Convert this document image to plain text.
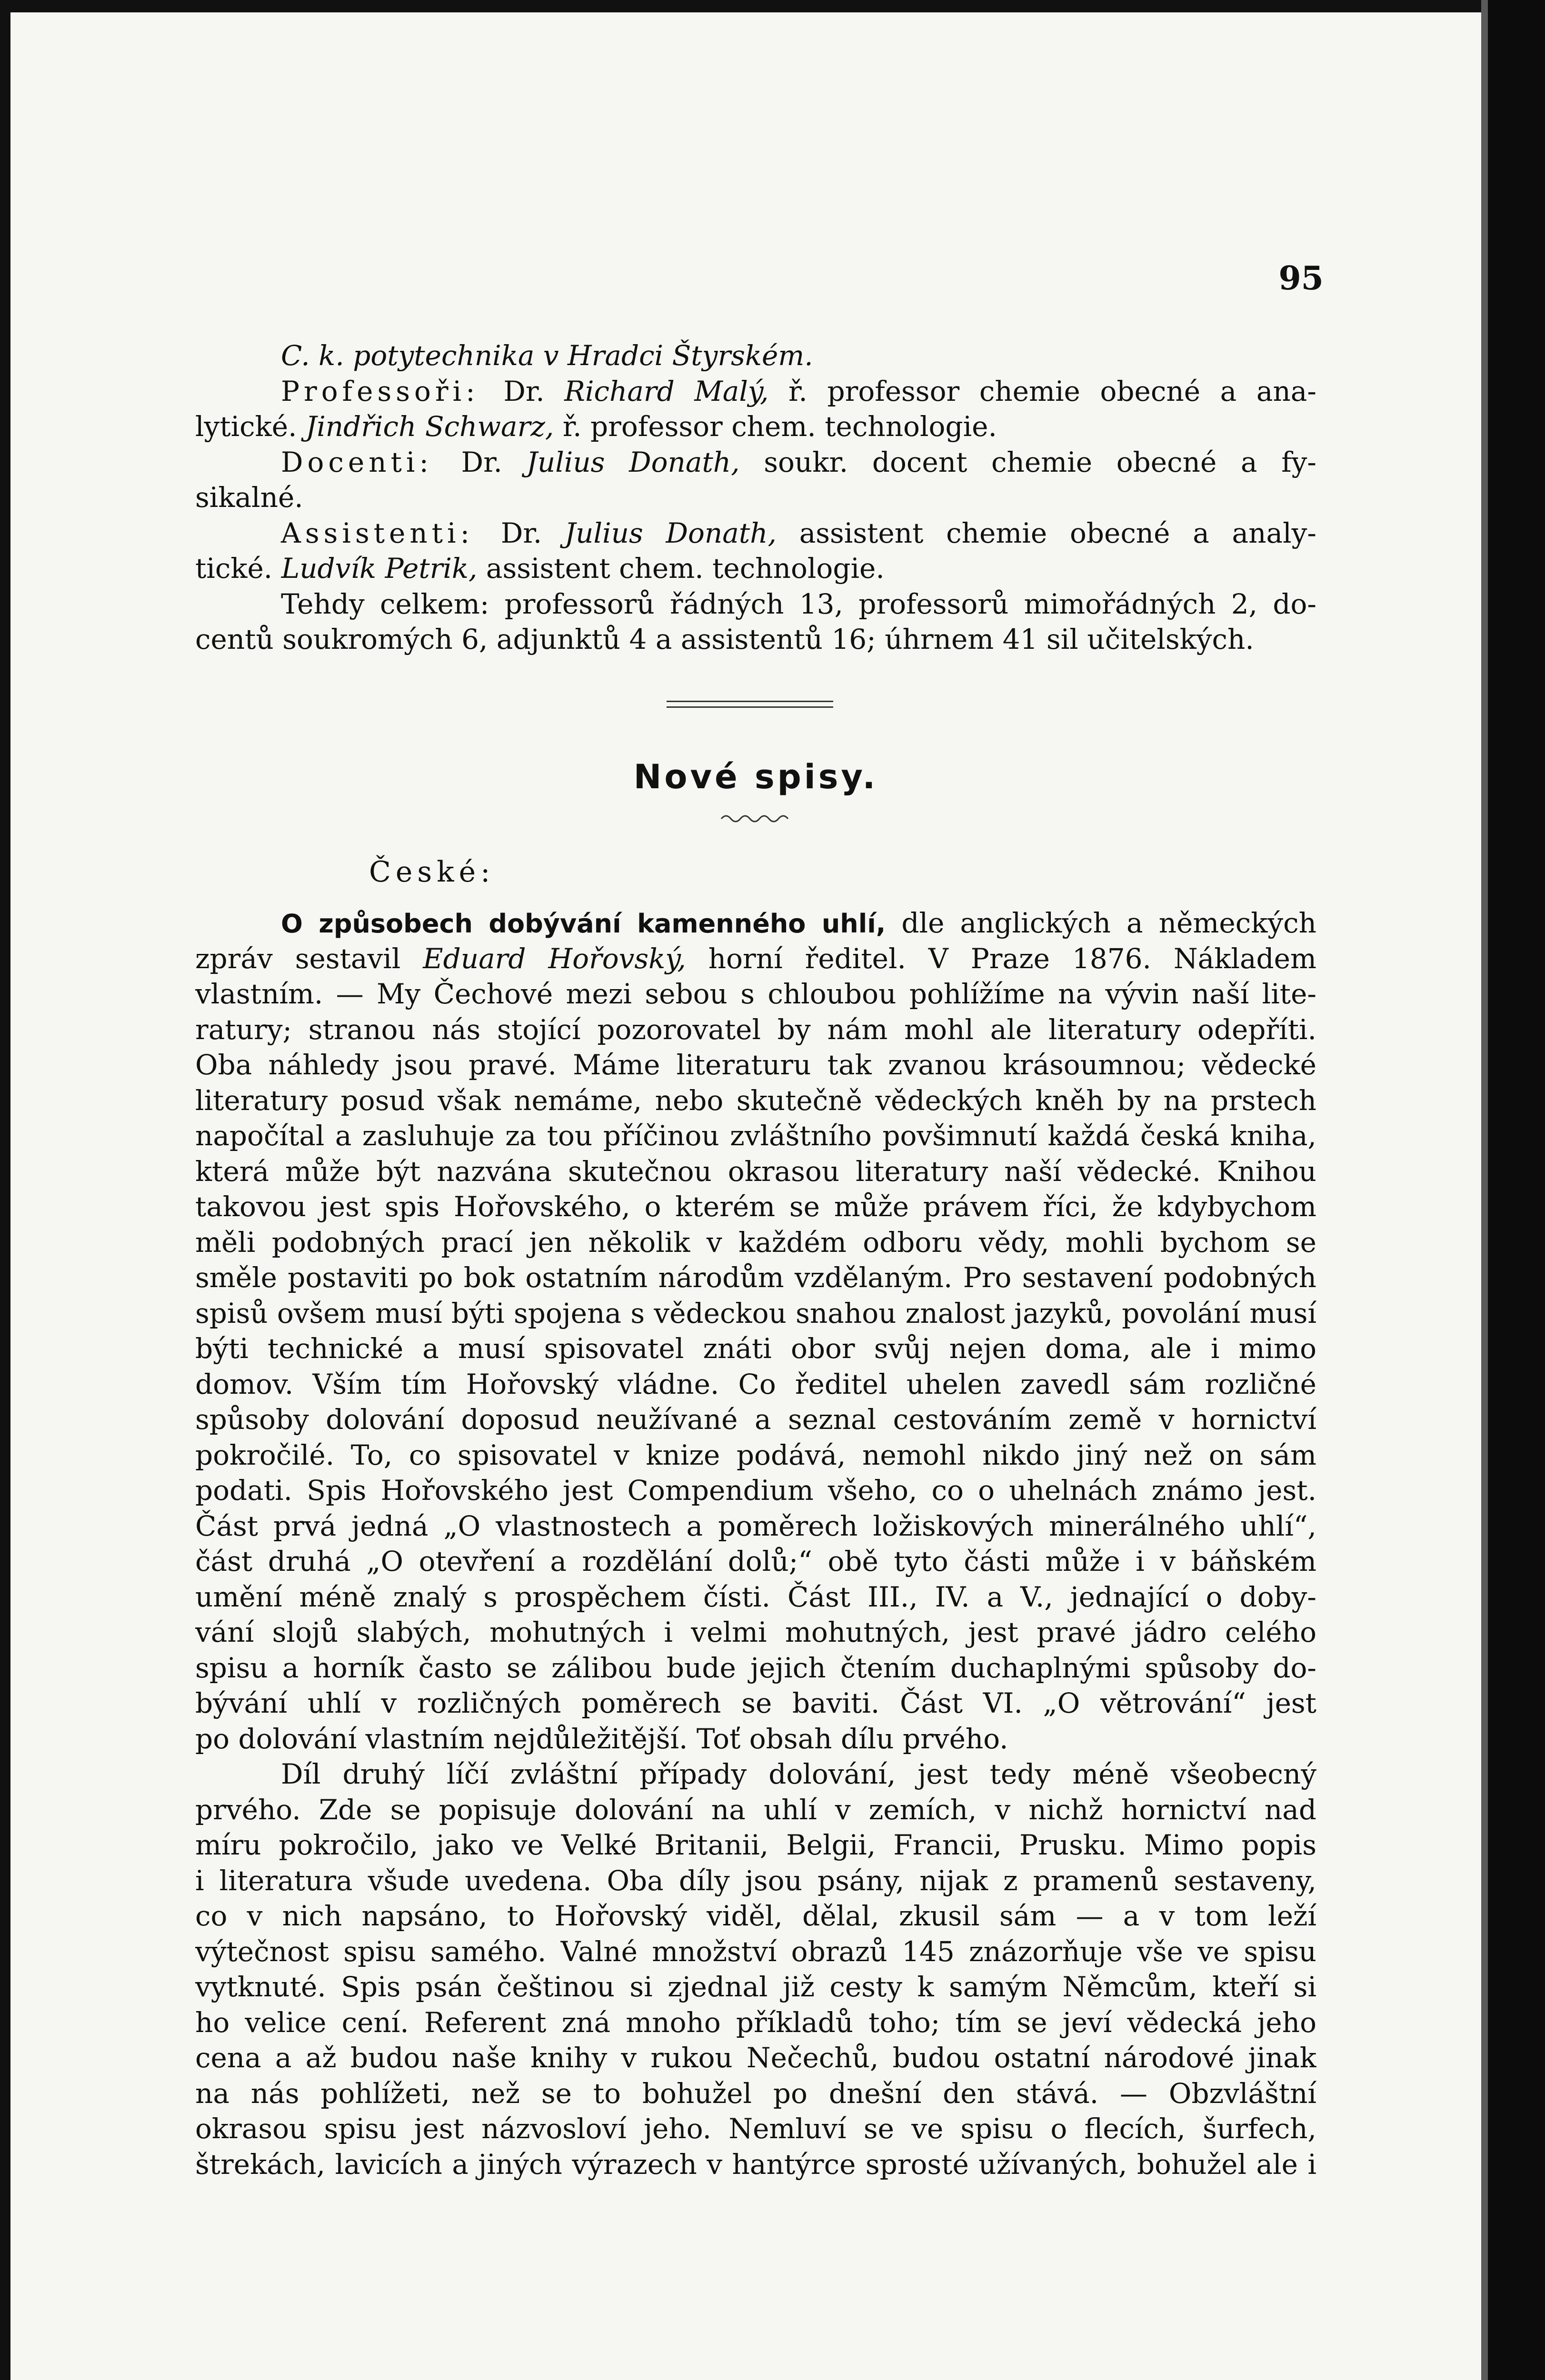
95
C. k. potytechnika v Hradci Štyrském.
Professoři: Dr. Richard Malý, ř. professor chemie obecné a ana-
lytické. Jindřich Schwarz, ř. professor chem. technologie.
Docenti: Dr. Julius Donath, soukr. docent chemie obecné a fy-
sikalné.
Assistenti: Dr. Julius Donath, assistent chemie obecné a analy-
tické. Ludvík Petrik, assistent chem. technologie.
Tehdy celkem: professorů řádných 13, professorů mimořádných 2, do-
centů soukromých 6, adjunktů 4 a assistentů 16; úhrnem 41 sil učitelských.
Nové spisy.
České:
O způsobech dobývání kamenného uhlí, dle anglických a německých
zpráv sestavil Eduard Hořovský, horní ředitel. V Praze 1876. Nákladem
vlastním. — My Čechové mezi sebou s chloubou pohlížíme na vývin naší lite-
ratury; stranou nás stojící pozorovatel by nám mohl ale literatury odepříti.
Oba náhledy jsou pravé. Máme literaturu tak zvanou krásoumnou; vědecké
literatury posud však nemáme, nebo skutečně vědeckých kněh by na prstech
napočítal a zasluhuje za tou příčinou zvláštního povšimnutí každá česká kniha,
která může být nazvána skutečnou okrasou literatury naší vědecké. Knihou
takovou jest spis Hořovského, o kterém se může právem říci, že kdybychom
měli podobných prací jen několik v každém odboru vědy, mohli bychom se
směle postaviti po bok ostatním národům vzdělaným. Pro sestavení podobných
spisů ovšem musí býti spojena s vědeckou snahou znalost jazyků, povolání musí
býti technické a musí spisovatel znáti obor svůj nejen doma, ale i mimo
domov. Vším tím Hořovský vládne. Co ředitel uhelen zavedl sám rozličné
spůsoby dolování doposud neužívané a seznal cestováním země v hornictví
pokročilé. To, co spisovatel v knize podává, nemohl nikdo jiný než on sám
podati. Spis Hořovského jest Compendium všeho, co o uhelnách známo jest.
Část prvá jedná „O vlastnostech a poměrech ložiskových minerálného uhlí“,
část druhá „O otevření a rozdělání dolů;“ obě tyto části může i v báňském
umění méně znalý s prospěchem čísti. Část III., IV. a V., jednající o doby-
vání slojů slabých, mohutných i velmi mohutných, jest pravé jádro celého
spisu a horník často se zálibou bude jejich čtením duchaplnými spůsoby do-
bývání uhlí v rozličných poměrech se baviti. Část VI. „O větrování“ jest
po dolování vlastním nejdůležitější. Toť obsah dílu prvého.
Díl druhý líčí zvláštní případy dolování, jest tedy méně všeobecný
prvého. Zde se popisuje dolování na uhlí v zemích, v nichž hornictví nad
míru pokročilo, jako ve Velké Britanii, Belgii, Francii, Prusku. Mimo popis
i literatura všude uvedena. Oba díly jsou psány, nijak z pramenů sestaveny,
co v nich napsáno, to Hořovský viděl, dělal, zkusil sám — a v tom leží
výtečnost spisu samého. Valné množství obrazů 145 znázorňuje vše ve spisu
vytknuté. Spis psán češtinou si zjednal již cesty k samým Němcům, kteří si
ho velice cení. Referent zná mnoho příkladů toho; tím se jeví vědecká jeho
cena a až budou naše knihy v rukou Nečechů, budou ostatní národové jinak
na nás pohlížeti, než se to bohužel po dnešní den stává. — Obzvláštní
okrasou spisu jest názvosloví jeho. Nemluví se ve spisu o flecích, šurfech,
štrekách, lavicích a jiných výrazech v hantýrce sprosté užívaných, bohužel ale i
